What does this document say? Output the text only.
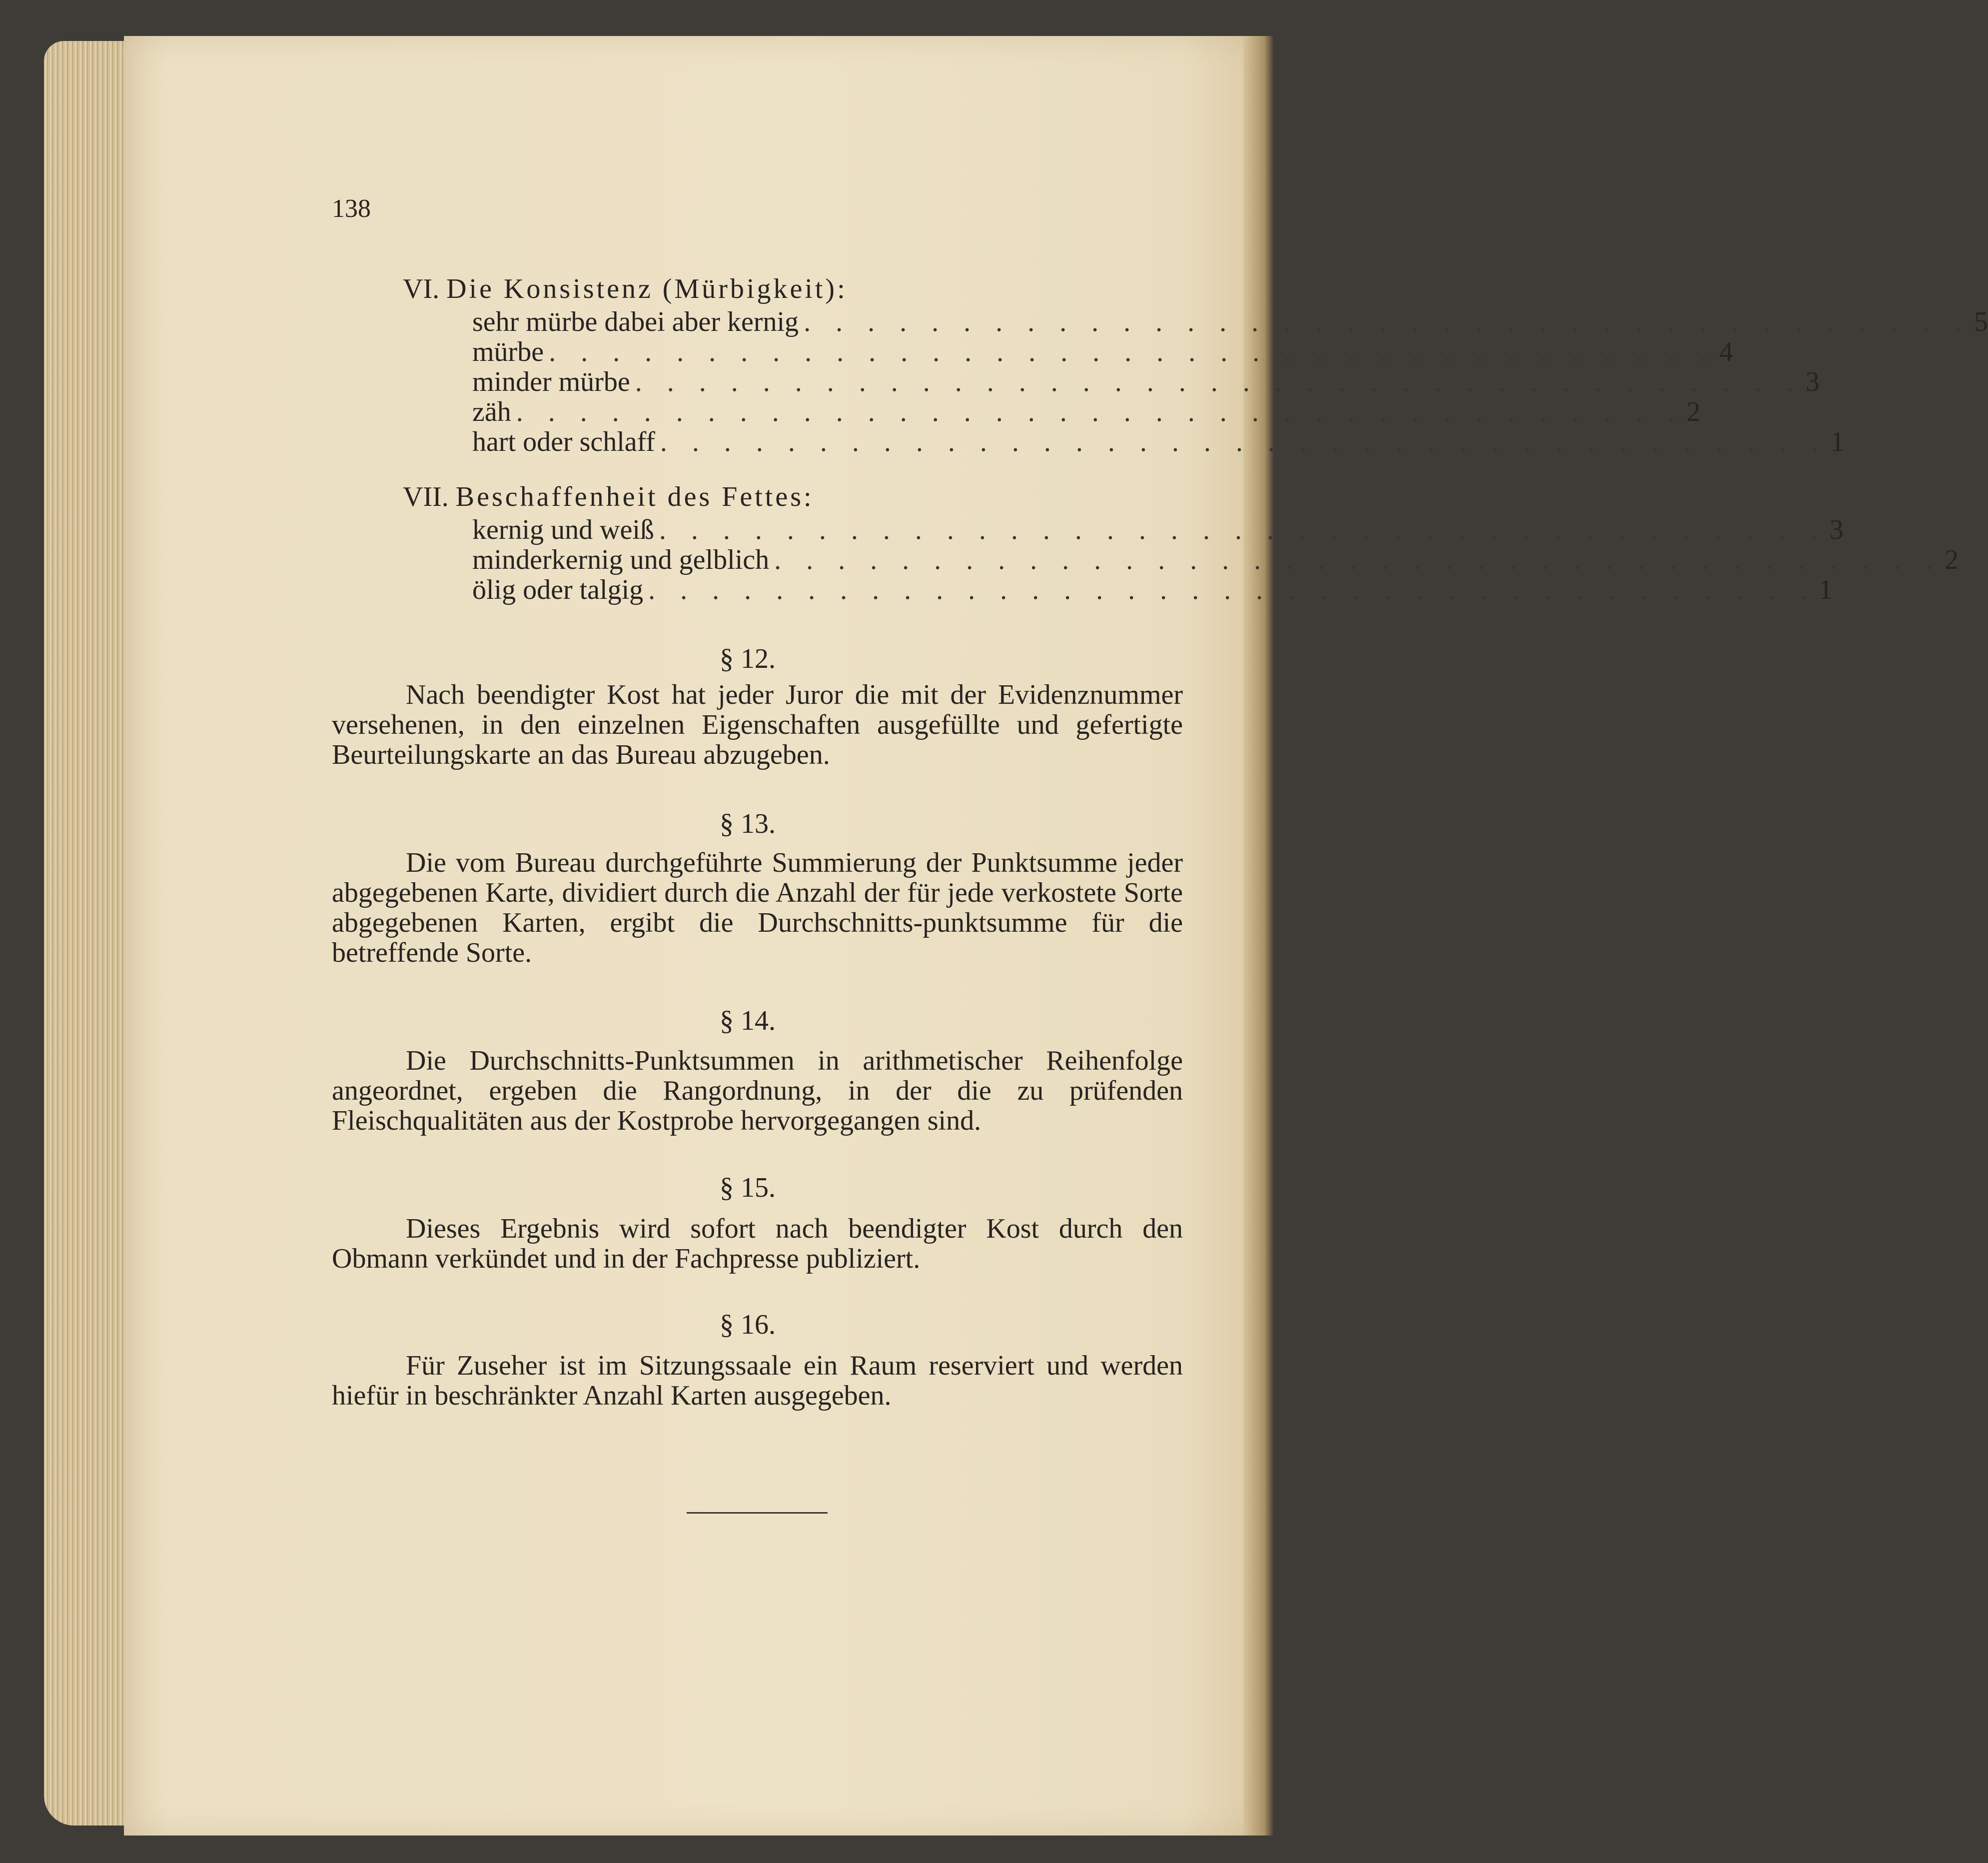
138
VI. Die Konsistenz (Mürbigkeit):
sehr mürbe dabei aber kernig . . . . . . . . . . . . . . . . . . . . . . . . . . . . . . . . . . . . . 5
mürbe . . . . . . . . . . . . . . . . . . . . . . . . . . . . . . . . . . . . . 4
minder mürbe . . . . . . . . . . . . . . . . . . . . . . . . . . . . . . . . . . . . . 3
zäh . . . . . . . . . . . . . . . . . . . . . . . . . . . . . . . . . . . . . 2
hart oder schlaff . . . . . . . . . . . . . . . . . . . . . . . . . . . . . . . . . . . . . 1
VII. Beschaffenheit des Fettes:
kernig und weiß . . . . . . . . . . . . . . . . . . . . . . . . . . . . . . . . . . . . . 3
minderkernig und gelblich . . . . . . . . . . . . . . . . . . . . . . . . . . . . . . . . . . . . . 2
ölig oder talgig . . . . . . . . . . . . . . . . . . . . . . . . . . . . . . . . . . . . . 1
§ 12.
Nach beendigter Kost hat jeder Juror die mit der Evidenznummer versehenen, in den einzelnen Eigenschaften ausgefüllte und gefertigte Beurteilungskarte an das Bureau abzugeben.
§ 13.
Die vom Bureau durchgeführte Summierung der Punktsumme jeder abgegebenen Karte, dividiert durch die Anzahl der für jede verkostete Sorte abgegebenen Karten, ergibt die Durchschnitts-punktsumme für die betreffende Sorte.
§ 14.
Die Durchschnitts-Punktsummen in arithmetischer Reihenfolge angeordnet, ergeben die Rangordnung, in der die zu prüfenden Fleischqualitäten aus der Kostprobe hervorgegangen sind.
§ 15.
Dieses Ergebnis wird sofort nach beendigter Kost durch den Obmann verkündet und in der Fachpresse publiziert.
§ 16.
Für Zuseher ist im Sitzungssaale ein Raum reserviert und werden hiefür in beschränkter Anzahl Karten ausgegeben.
